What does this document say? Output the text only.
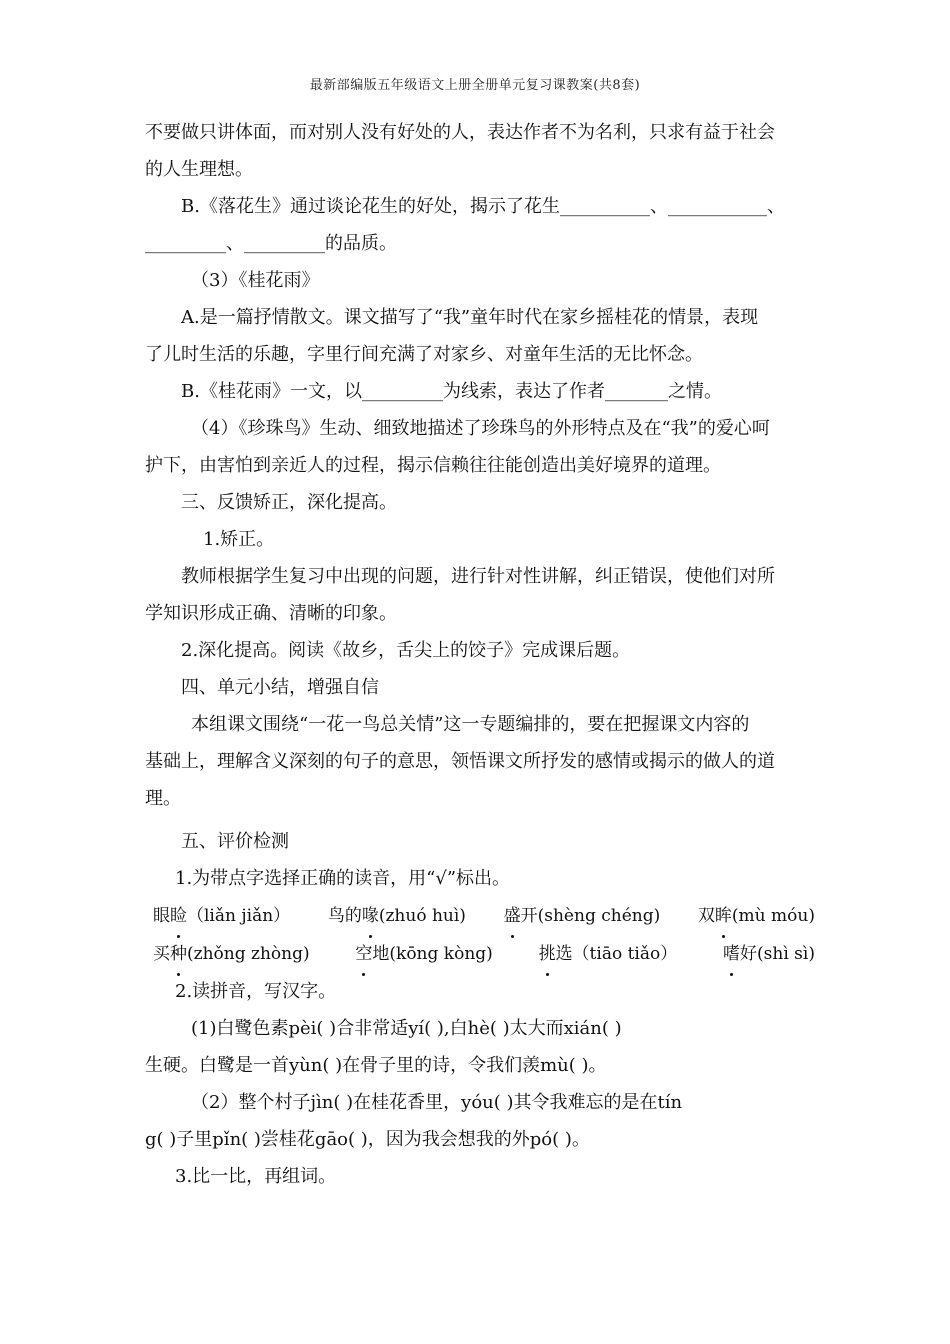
最新部编版五年级语文上册全册单元复习课教案(共8套)

不要做只讲体面，而对别人没有好处的人，表达作者不为名利，只求有益于社会

的人生理想。

B.《落花生》通过谈论花生的好处，揭示了花生__________、___________、

_________、_________的品质。

（3）《桂花雨》

A.是一篇抒情散文。课文描写了“我”童年时代在家乡摇桂花的情景，表现

了儿时生活的乐趣，字里行间充满了对家乡、对童年生活的无比怀念。

B.《桂花雨》一文，以_________为线索，表达了作者_______之情。

（4）《珍珠鸟》生动、细致地描述了珍珠鸟的外形特点及在“我”的爱心呵

护下，由害怕到亲近人的过程，揭示信赖往往能创造出美好境界的道理。

三、反馈矫正，深化提高。

1.矫正。

教师根据学生复习中出现的问题，进行针对性讲解，纠正错误，使他们对所

学知识形成正确、清晰的印象。

2.深化提高。阅读《故乡，舌尖上的饺子》完成课后题。

四、单元小结，增强自信

本组课文围绕“一花一鸟总关情”这一专题编排的，要在把握课文内容的

基础上，理解含义深刻的句子的意思，领悟课文所抒发的感情或揭示的做人的道

理。

五、评价检测

1.为带点字选择正确的读音，用“√”标出。

眼睑（liǎn jiǎn） 鸟的喙(zhuó huì) 盛开(shèng chéng) 双眸(mù móu)
买种(zhǒng zhòng)	空地(kōng kòng)	挑选（tiāo tiǎo）	嗜好(shì sì)

2.读拼音，写汉字。

(1)白鹭色素pèi( )合非常适yí( ),白hè( )太大而xián( )

生硬。白鹭是一首yùn( )在骨子里的诗，令我们羡mù( )。

（2）整个村子jìn( )在桂花香里，yóu( )其令我难忘的是在tín

g( )子里pǐn( )尝桂花gāo( )，因为我会想我的外pó( )。

3.比一比，再组词。
